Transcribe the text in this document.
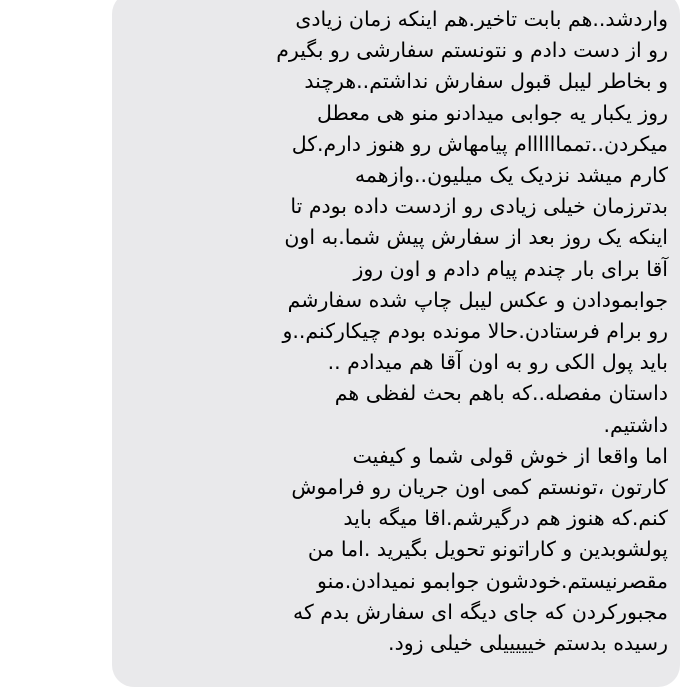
واردشد..هم بابت تاخیر.هم اینکه زمان زیادی
رو از دست دادم و نتونستم سفارشی رو بگیرم
و بخاطر لیبل قبول سفارش نداشتم..هرچند
روز یکبار یه جوابی میدادنو منو هی معطل
میکردن..تمماااااام پیامهاش رو هنوز دارم.کل
کارم میشد نزدیک یک میلیون..وازهمه
بدترزمان خیلی زیادی رو ازدست داده بودم تا
اینکه یک روز بعد از سفارش پیش شما.به اون
آقا برای بار چندم پیام دادم و اون روز
جوابمودادن و عکس لیبل چاپ شده سفارشم
رو برام فرستادن.حالا مونده بودم چیکارکنم..و
باید پول الکی رو به اون آقا هم میدادم ..
داستان مفصله..که باهم بحث لفظی هم
داشتیم.
اما واقعا از خوش قولی شما و کیفیت
کارتون ،تونستم کمی اون جریان رو فراموش
کنم.که هنوز هم درگیرشم.اقا میگه باید
پولشوبدین و کاراتونو تحویل بگیرید .اما من
مقصرنیستم.خودشون جوابمو نمیدادن.منو
مجبورکردن که جای دیگه ای سفارش بدم که
رسیده بدستم خیییییلی خیلی زود.
